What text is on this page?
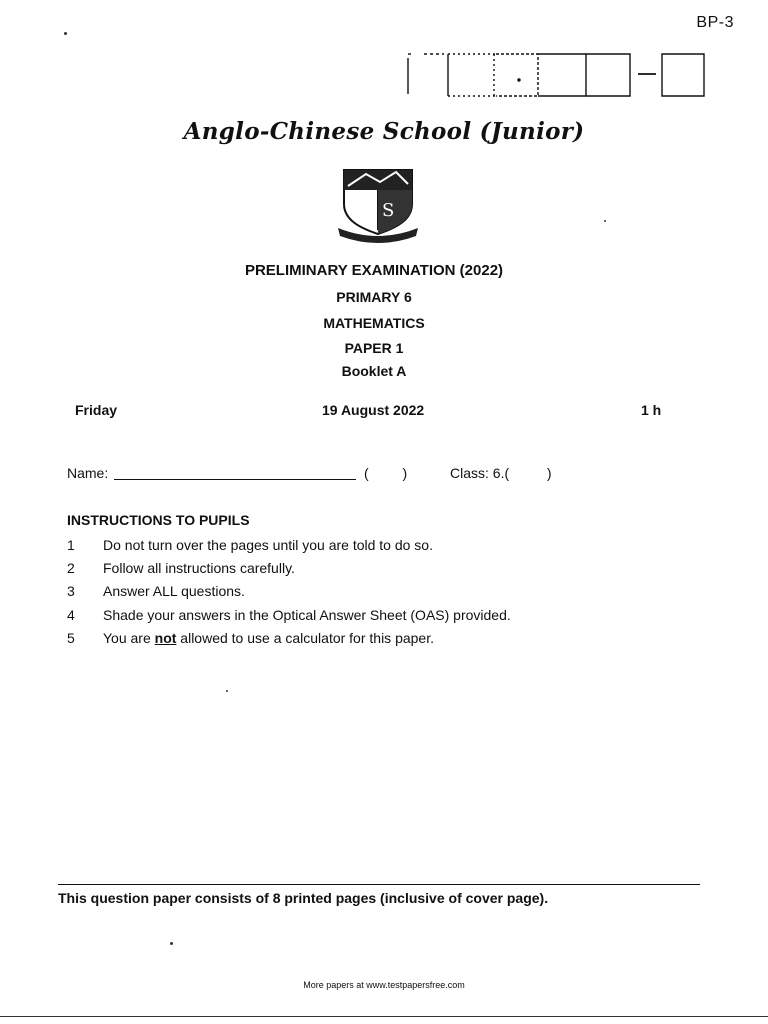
BP-3
Anglo-Chinese School (Junior)
S
PRELIMINARY EXAMINATION (2022)
PRIMARY 6
MATHEMATICS
PAPER 1
Booklet A
Friday	19 August 2022	1 h
Name:	( )	Class: 6.(	)
INSTRUCTIONS TO PUPILS
1 Do not turn over the pages until you are told to do so.
2 Follow all instructions carefully.
3 Answer ALL questions.
4 Shade your answers in the Optical Answer Sheet (OAS) provided.
5 You are not allowed to use a calculator for this paper.
This question paper consists of 8 printed pages (inclusive of cover page).
More papers at www.testpapersfree.com
